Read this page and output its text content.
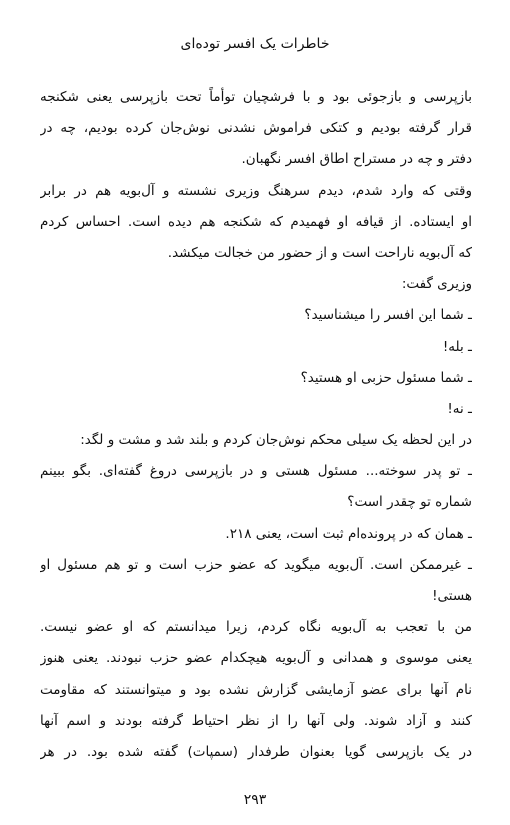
خاطرات یک افسر توده‌ای
بازپرسی و بازجوئی بود و با فرشچیان توأماً تحت بازپرسی یعنی شکنجه
قرار گرفته بودیم و کتکی فراموش نشدنی نوش‌جان کرده بودیم، چه در
دفتر و چه در مستراح اطاق افسر نگهبان.
وقتی که وارد شدم، دیدم سرهنگ وزیری نشسته و آل‌بویه هم در برابر
او ایستاده. از قیافه او فهمیدم که شکنجه هم دیده است. احساس کردم
که آل‌بویه ناراحت است و از حضور من خجالت میکشد.
وزیری گفت:
ـ شما این افسر را میشناسید؟
ـ بله!
ـ شما مسئول حزبی او هستید؟
ـ نه!
در این لحظه یک سیلی محکم نوش‌جان کردم و بلند شد و مشت و لگد:
ـ تو پدر سوخته... مسئول هستی و در بازپرسی دروغ گفته‌ای. بگو ببینم
شماره تو چقدر است؟
ـ همان که در پرونده‌ام ثبت است، یعنی ۲۱۸.
ـ غیرممکن است. آل‌بویه میگوید که عضو حزب است و تو هم مسئول او
هستی!
من با تعجب به آل‌بویه نگاه کردم، زیرا میدانستم که او عضو نیست.
یعنی موسوی و همدانی و آل‌بویه هیچکدام عضو حزب نبودند. یعنی هنوز
نام آنها برای عضو آزمایشی گزارش نشده بود و میتوانستند که مقاومت
کنند و آزاد شوند. ولی آنها را از نظر احتیاط گرفته بودند و اسم آنها
در یک بازپرسی گویا بعنوان طرفدار (سمپات) گفته شده بود. در هر
۲۹۳
